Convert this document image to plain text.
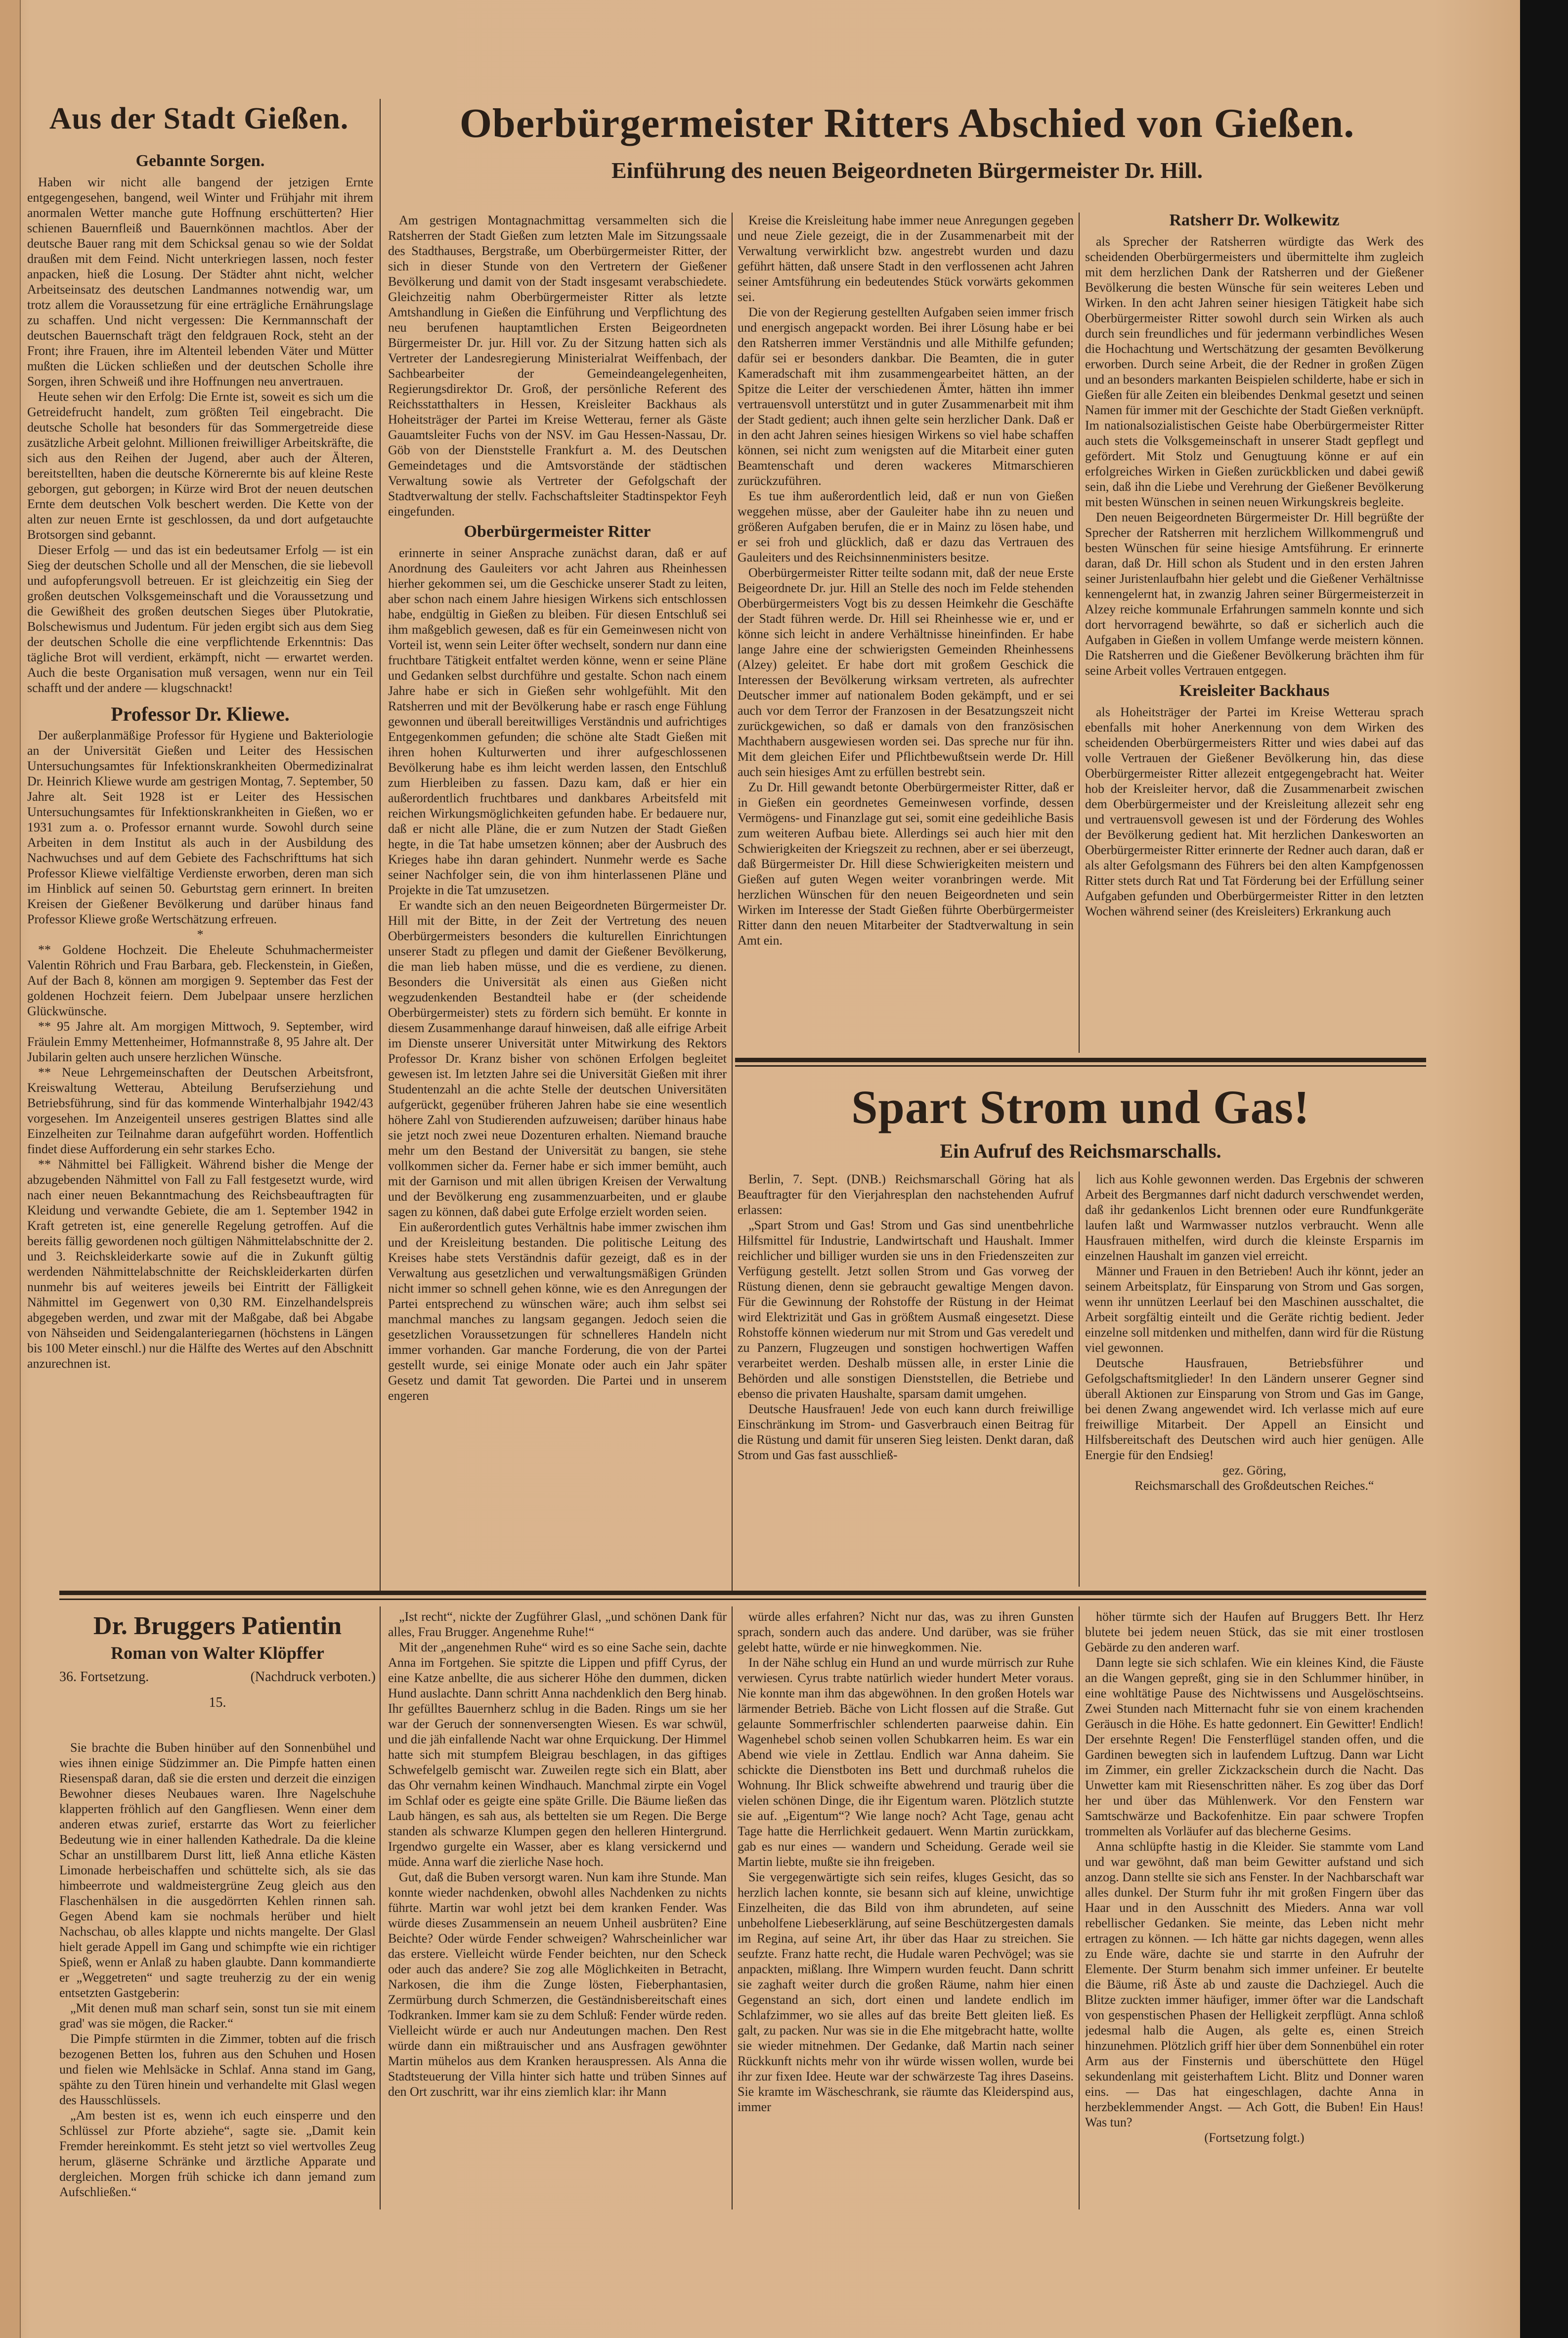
Aus der Stadt Gießen.
Gebannte Sorgen.

Haben wir nicht alle bangend der jetzigen Ernte entgegengesehen, bangend, weil Winter und Frühjahr mit ihrem anormalen Wetter manche gute Hoffnung erschütterten? Hier schienen Bauernfleiß und Bauernkönnen machtlos. Aber der deutsche Bauer rang mit dem Schicksal genau so wie der Soldat draußen mit dem Feind. Nicht unterkriegen lassen, noch fester anpacken, hieß die Losung. Der Städter ahnt nicht, welcher Arbeitseinsatz des deutschen Landmannes notwendig war, um trotz allem die Voraussetzung für eine erträgliche Ernährungslage zu schaffen. Und nicht vergessen: Die Kernmannschaft der deutschen Bauernschaft trägt den feldgrauen Rock, steht an der Front; ihre Frauen, ihre im Altenteil lebenden Väter und Mütter mußten die Lücken schließen und der deutschen Scholle ihre Sorgen, ihren Schweiß und ihre Hoffnungen neu anvertrauen.

Heute sehen wir den Erfolg: Die Ernte ist, soweit es sich um die Getreidefrucht handelt, zum größten Teil eingebracht. Die deutsche Scholle hat besonders für das Sommergetreide diese zusätzliche Arbeit gelohnt. Millionen freiwilliger Arbeitskräfte, die sich aus den Reihen der Jugend, aber auch der Älteren, bereitstellten, haben die deutsche Körnerernte bis auf kleine Reste geborgen, gut geborgen; in Kürze wird Brot der neuen deutschen Ernte dem deutschen Volk beschert werden. Die Kette von der alten zur neuen Ernte ist geschlossen, da und dort aufgetauchte Brotsorgen sind gebannt.

Dieser Erfolg — und das ist ein bedeutsamer Erfolg — ist ein Sieg der deutschen Scholle und all der Menschen, die sie liebevoll und aufopferungsvoll betreuen. Er ist gleichzeitig ein Sieg der großen deutschen Volksgemeinschaft und die Voraussetzung und die Gewißheit des großen deutschen Sieges über Plutokratie, Bolschewismus und Judentum. Für jeden ergibt sich aus dem Sieg der deutschen Scholle die eine verpflichtende Erkenntnis: Das tägliche Brot will verdient, erkämpft, nicht — erwartet werden. Auch die beste Organisation muß versagen, wenn nur ein Teil schafft und der andere — klugschnackt!

Professor Dr. Kliewe.

Der außerplanmäßige Professor für Hygiene und Bakteriologie an der Universität Gießen und Leiter des Hessischen Untersuchungsamtes für Infektionskrankheiten Obermedizinalrat Dr. Heinrich Kliewe wurde am gestrigen Montag, 7. September, 50 Jahre alt. Seit 1928 ist er Leiter des Hessischen Untersuchungsamtes für Infektionskrankheiten in Gießen, wo er 1931 zum a. o. Professor ernannt wurde. Sowohl durch seine Arbeiten in dem Institut als auch in der Ausbildung des Nachwuchses und auf dem Gebiete des Fachschrifttums hat sich Professor Kliewe vielfältige Verdienste erworben, deren man sich im Hinblick auf seinen 50. Geburtstag gern erinnert. In breiten Kreisen der Gießener Bevölkerung und darüber hinaus fand Professor Kliewe große Wertschätzung erfreuen.

*

** Goldene Hochzeit. Die Eheleute Schuhmachermeister Valentin Röhrich und Frau Barbara, geb. Fleckenstein, in Gießen, Auf der Bach 8, können am morgigen 9. September das Fest der goldenen Hochzeit feiern. Dem Jubelpaar unsere herzlichen Glückwünsche.

** 95 Jahre alt. Am morgigen Mittwoch, 9. September, wird Fräulein Emmy Mettenheimer, Hofmannstraße 8, 95 Jahre alt. Der Jubilarin gelten auch unsere herzlichen Wünsche.

** Neue Lehrgemeinschaften der Deutschen Arbeitsfront, Kreiswaltung Wetterau, Abteilung Berufserziehung und Betriebsführung, sind für das kommende Winterhalbjahr 1942/43 vorgesehen. Im Anzeigenteil unseres gestrigen Blattes sind alle Einzelheiten zur Teilnahme daran aufgeführt worden. Hoffentlich findet diese Aufforderung ein sehr starkes Echo.

** Nähmittel bei Fälligkeit. Während bisher die Menge der abzugebenden Nähmittel von Fall zu Fall festgesetzt wurde, wird nach einer neuen Bekanntmachung des Reichsbeauftragten für Kleidung und verwandte Gebiete, die am 1. September 1942 in Kraft getreten ist, eine generelle Regelung getroffen. Auf die bereits fällig gewordenen noch gültigen Nähmittelabschnitte der 2. und 3. Reichskleiderkarte sowie auf die in Zukunft gültig werdenden Nähmittelabschnitte der Reichskleiderkarten dürfen nunmehr bis auf weiteres jeweils bei Eintritt der Fälligkeit Nähmittel im Gegenwert von 0,30 RM. Einzelhandelspreis abgegeben werden, und zwar mit der Maßgabe, daß bei Abgabe von Nähseiden und Seidengalanteriegarnen (höchstens in Längen bis 100 Meter einschl.) nur die Hälfte des Wertes auf den Abschnitt anzurechnen ist.

Oberbürgermeister Ritters Abschied von Gießen.
Einführung des neuen Beigeordneten Bürgermeister Dr. Hill.

Am gestrigen Montagnachmittag versammelten sich die Ratsherren der Stadt Gießen zum letzten Male im Sitzungssaale des Stadthauses, Bergstraße, um Oberbürgermeister Ritter, der sich in dieser Stunde von den Vertretern der Gießener Bevölkerung und damit von der Stadt insgesamt verabschiedete. Gleichzeitig nahm Oberbürgermeister Ritter als letzte Amtshandlung in Gießen die Einführung und Verpflichtung des neu berufenen hauptamtlichen Ersten Beigeordneten Bürgermeister Dr. jur. Hill vor. Zu der Sitzung hatten sich als Vertreter der Landesregierung Ministerialrat Weiffenbach, der Sachbearbeiter der Gemeindeangelegenheiten, Regierungsdirektor Dr. Groß, der persönliche Referent des Reichsstatthalters in Hessen, Kreisleiter Backhaus als Hoheitsträger der Partei im Kreise Wetterau, ferner als Gäste Gauamtsleiter Fuchs von der NSV. im Gau Hessen-Nassau, Dr. Göb von der Dienststelle Frankfurt a. M. des Deutschen Gemeindetages und die Amtsvorstände der städtischen Verwaltung sowie als Vertreter der Gefolgschaft der Stadtverwaltung der stellv. Fachschaftsleiter Stadtinspektor Feyh eingefunden.

Oberbürgermeister Ritter

erinnerte in seiner Ansprache zunächst daran, daß er auf Anordnung des Gauleiters vor acht Jahren aus Rheinhessen hierher gekommen sei, um die Geschicke unserer Stadt zu leiten, aber schon nach einem Jahre hiesigen Wirkens sich entschlossen habe, endgültig in Gießen zu bleiben. Für diesen Entschluß sei ihm maßgeblich gewesen, daß es für ein Gemeinwesen nicht von Vorteil ist, wenn sein Leiter öfter wechselt, sondern nur dann eine fruchtbare Tätigkeit entfaltet werden könne, wenn er seine Pläne und Gedanken selbst durchführe und gestalte. Schon nach einem Jahre habe er sich in Gießen sehr wohlgefühlt. Mit den Ratsherren und mit der Bevölkerung habe er rasch enge Fühlung gewonnen und überall bereitwilliges Verständnis und aufrichtiges Entgegenkommen gefunden; die schöne alte Stadt Gießen mit ihren hohen Kulturwerten und ihrer aufgeschlossenen Bevölkerung habe es ihm leicht werden lassen, den Entschluß zum Hierbleiben zu fassen. Dazu kam, daß er hier ein außerordentlich fruchtbares und dankbares Arbeitsfeld mit reichen Wirkungsmöglichkeiten gefunden habe. Er bedauere nur, daß er nicht alle Pläne, die er zum Nutzen der Stadt Gießen hegte, in die Tat habe umsetzen können; aber der Ausbruch des Krieges habe ihn daran gehindert. Nunmehr werde es Sache seiner Nachfolger sein, die von ihm hinterlassenen Pläne und Projekte in die Tat umzusetzen.

Er wandte sich an den neuen Beigeordneten Bürgermeister Dr. Hill mit der Bitte, in der Zeit der Vertretung des neuen Oberbürgermeisters besonders die kulturellen Einrichtungen unserer Stadt zu pflegen und damit der Gießener Bevölkerung, die man lieb haben müsse, und die es verdiene, zu dienen. Besonders die Universität als einen aus Gießen nicht wegzudenkenden Bestandteil habe er (der scheidende Oberbürgermeister) stets zu fördern sich bemüht. Er konnte in diesem Zusammenhange darauf hinweisen, daß alle eifrige Arbeit im Dienste unserer Universität unter Mitwirkung des Rektors Professor Dr. Kranz bisher von schönen Erfolgen begleitet gewesen ist. Im letzten Jahre sei die Universität Gießen mit ihrer Studentenzahl an die achte Stelle der deutschen Universitäten aufgerückt, gegenüber früheren Jahren habe sie eine wesentlich höhere Zahl von Studierenden aufzuweisen; darüber hinaus habe sie jetzt noch zwei neue Dozenturen erhalten. Niemand brauche mehr um den Bestand der Universität zu bangen, sie stehe vollkommen sicher da. Ferner habe er sich immer bemüht, auch mit der Garnison und mit allen übrigen Kreisen der Verwaltung und der Bevölkerung eng zusammenzuarbeiten, und er glaube sagen zu können, daß dabei gute Erfolge erzielt worden seien.

Ein außerordentlich gutes Verhältnis habe immer zwischen ihm und der Kreisleitung bestanden. Die politische Leitung des Kreises habe stets Verständnis dafür gezeigt, daß es in der Verwaltung aus gesetzlichen und verwaltungsmäßigen Gründen nicht immer so schnell gehen könne, wie es den Anregungen der Partei entsprechend zu wünschen wäre; auch ihm selbst sei manchmal manches zu langsam gegangen. Jedoch seien die gesetzlichen Voraussetzungen für schnelleres Handeln nicht immer vorhanden. Gar manche Forderung, die von der Partei gestellt wurde, sei einige Monate oder auch ein Jahr später Gesetz und damit Tat geworden. Die Partei und in unserem engeren

Kreise die Kreisleitung habe immer neue Anregungen gegeben und neue Ziele gezeigt, die in der Zusammenarbeit mit der Verwaltung verwirklicht bzw. angestrebt wurden und dazu geführt hätten, daß unsere Stadt in den verflossenen acht Jahren seiner Amtsführung ein bedeutendes Stück vorwärts gekommen sei.

Die von der Regierung gestellten Aufgaben seien immer frisch und energisch angepackt worden. Bei ihrer Lösung habe er bei den Ratsherren immer Verständnis und alle Mithilfe gefunden; dafür sei er besonders dankbar. Die Beamten, die in guter Kameradschaft mit ihm zusammengearbeitet hätten, an der Spitze die Leiter der verschiedenen Ämter, hätten ihn immer vertrauensvoll unterstützt und in guter Zusammenarbeit mit ihm der Stadt gedient; auch ihnen gelte sein herzlicher Dank. Daß er in den acht Jahren seines hiesigen Wirkens so viel habe schaffen können, sei nicht zum wenigsten auf die Mitarbeit einer guten Beamtenschaft und deren wackeres Mitmarschieren zurückzuführen.

Es tue ihm außerordentlich leid, daß er nun von Gießen weggehen müsse, aber der Gauleiter habe ihn zu neuen und größeren Aufgaben berufen, die er in Mainz zu lösen habe, und er sei froh und glücklich, daß er dazu das Vertrauen des Gauleiters und des Reichsinnenministers besitze.

Oberbürgermeister Ritter teilte sodann mit, daß der neue Erste Beigeordnete Dr. jur. Hill an Stelle des noch im Felde stehenden Oberbürgermeisters Vogt bis zu dessen Heimkehr die Geschäfte der Stadt führen werde. Dr. Hill sei Rheinhesse wie er, und er könne sich leicht in andere Verhältnisse hineinfinden. Er habe lange Jahre eine der schwierigsten Gemeinden Rheinhessens (Alzey) geleitet. Er habe dort mit großem Geschick die Interessen der Bevölkerung wirksam vertreten, als aufrechter Deutscher immer auf nationalem Boden gekämpft, und er sei auch vor dem Terror der Franzosen in der Besatzungszeit nicht zurückgewichen, so daß er damals von den französischen Machthabern ausgewiesen worden sei. Das spreche nur für ihn. Mit dem gleichen Eifer und Pflichtbewußtsein werde Dr. Hill auch sein hiesiges Amt zu erfüllen bestrebt sein.

Zu Dr. Hill gewandt betonte Oberbürgermeister Ritter, daß er in Gießen ein geordnetes Gemeinwesen vorfinde, dessen Vermögens- und Finanzlage gut sei, somit eine gedeihliche Basis zum weiteren Aufbau biete. Allerdings sei auch hier mit den Schwierigkeiten der Kriegszeit zu rechnen, aber er sei überzeugt, daß Bürgermeister Dr. Hill diese Schwierigkeiten meistern und Gießen auf guten Wegen weiter voranbringen werde. Mit herzlichen Wünschen für den neuen Beigeordneten und sein Wirken im Interesse der Stadt Gießen führte Oberbürgermeister Ritter dann den neuen Mitarbeiter der Stadtverwaltung in sein Amt ein.

Ratsherr Dr. Wolkewitz

als Sprecher der Ratsherren würdigte das Werk des scheidenden Oberbürgermeisters und übermittelte ihm zugleich mit dem herzlichen Dank der Ratsherren und der Gießener Bevölkerung die besten Wünsche für sein weiteres Leben und Wirken. In den acht Jahren seiner hiesigen Tätigkeit habe sich Oberbürgermeister Ritter sowohl durch sein Wirken als auch durch sein freundliches und für jedermann verbindliches Wesen die Hochachtung und Wertschätzung der gesamten Bevölkerung erworben. Durch seine Arbeit, die der Redner in großen Zügen und an besonders markanten Beispielen schilderte, habe er sich in Gießen für alle Zeiten ein bleibendes Denkmal gesetzt und seinen Namen für immer mit der Geschichte der Stadt Gießen verknüpft. Im nationalsozialistischen Geiste habe Oberbürgermeister Ritter auch stets die Volksgemeinschaft in unserer Stadt gepflegt und gefördert. Mit Stolz und Genugtuung könne er auf ein erfolgreiches Wirken in Gießen zurückblicken und dabei gewiß sein, daß ihn die Liebe und Verehrung der Gießener Bevölkerung mit besten Wünschen in seinen neuen Wirkungskreis begleite.

Den neuen Beigeordneten Bürgermeister Dr. Hill begrüßte der Sprecher der Ratsherren mit herzlichem Willkommengruß und besten Wünschen für seine hiesige Amtsführung. Er erinnerte daran, daß Dr. Hill schon als Student und in den ersten Jahren seiner Juristenlaufbahn hier gelebt und die Gießener Verhältnisse kennengelernt hat, in zwanzig Jahren seiner Bürgermeisterzeit in Alzey reiche kommunale Erfahrungen sammeln konnte und sich dort hervorragend bewährte, so daß er sicherlich auch die Aufgaben in Gießen in vollem Umfange werde meistern können. Die Ratsherren und die Gießener Bevölkerung brächten ihm für seine Arbeit volles Vertrauen entgegen.

Kreisleiter Backhaus

als Hoheitsträger der Partei im Kreise Wetterau sprach ebenfalls mit hoher Anerkennung von dem Wirken des scheidenden Oberbürgermeisters Ritter und wies dabei auf das volle Vertrauen der Gießener Bevölkerung hin, das diese Oberbürgermeister Ritter allezeit entgegengebracht hat. Weiter hob der Kreisleiter hervor, daß die Zusammenarbeit zwischen dem Oberbürgermeister und der Kreisleitung allezeit sehr eng und vertrauensvoll gewesen ist und der Förderung des Wohles der Bevölkerung gedient hat. Mit herzlichen Dankesworten an Oberbürgermeister Ritter erinnerte der Redner auch daran, daß er als alter Gefolgsmann des Führers bei den alten Kampfgenossen Ritter stets durch Rat und Tat Förderung bei der Erfüllung seiner Aufgaben gefunden und Oberbürgermeister Ritter in den letzten Wochen während seiner (des Kreisleiters) Erkrankung auch

Spart Strom und Gas!
Ein Aufruf des Reichsmarschalls.

Berlin, 7. Sept. (DNB.) Reichsmarschall Göring hat als Beauftragter für den Vierjahresplan den nachstehenden Aufruf erlassen:

„Spart Strom und Gas! Strom und Gas sind unentbehrliche Hilfsmittel für Industrie, Landwirtschaft und Haushalt. Immer reichlicher und billiger wurden sie uns in den Friedenszeiten zur Verfügung gestellt. Jetzt sollen Strom und Gas vorweg der Rüstung dienen, denn sie gebraucht gewaltige Mengen davon. Für die Gewinnung der Rohstoffe der Rüstung in der Heimat wird Elektrizität und Gas in größtem Ausmaß eingesetzt. Diese Rohstoffe können wiederum nur mit Strom und Gas veredelt und zu Panzern, Flugzeugen und sonstigen hochwertigen Waffen verarbeitet werden. Deshalb müssen alle, in erster Linie die Behörden und alle sonstigen Dienststellen, die Betriebe und ebenso die privaten Haushalte, sparsam damit umgehen.

Deutsche Hausfrauen! Jede von euch kann durch freiwillige Einschränkung im Strom- und Gasverbrauch einen Beitrag für die Rüstung und damit für unseren Sieg leisten. Denkt daran, daß Strom und Gas fast ausschließ-

lich aus Kohle gewonnen werden. Das Ergebnis der schweren Arbeit des Bergmannes darf nicht dadurch verschwendet werden, daß ihr gedankenlos Licht brennen oder eure Rundfunkgeräte laufen laßt und Warmwasser nutzlos verbraucht. Wenn alle Hausfrauen mithelfen, wird durch die kleinste Ersparnis im einzelnen Haushalt im ganzen viel erreicht.

Männer und Frauen in den Betrieben! Auch ihr könnt, jeder an seinem Arbeitsplatz, für Einsparung von Strom und Gas sorgen, wenn ihr unnützen Leerlauf bei den Maschinen ausschaltet, die Arbeit sorgfältig einteilt und die Geräte richtig bedient. Jeder einzelne soll mitdenken und mithelfen, dann wird für die Rüstung viel gewonnen.

Deutsche Hausfrauen, Betriebsführer und Gefolgschaftsmitglieder! In den Ländern unserer Gegner sind überall Aktionen zur Einsparung von Strom und Gas im Gange, bei denen Zwang angewendet wird. Ich verlasse mich auf eure freiwillige Mitarbeit. Der Appell an Einsicht und Hilfsbereitschaft des Deutschen wird auch hier genügen. Alle Energie für den Endsieg!

gez. Göring,

Reichsmarschall des Großdeutschen Reiches.“

Dr. Bruggers Patientin
Roman von Walter Klöpffer
36. Fortsetzung.	(Nachdruck verboten.)
15.

Sie brachte die Buben hinüber auf den Sonnenbühel und wies ihnen einige Südzimmer an. Die Pimpfe hatten einen Riesenspaß daran, daß sie die ersten und derzeit die einzigen Bewohner dieses Neubaues waren. Ihre Nagelschuhe klapperten fröhlich auf den Gangfliesen. Wenn einer dem anderen etwas zurief, erstarrte das Wort zu feierlicher Bedeutung wie in einer hallenden Kathedrale. Da die kleine Schar an unstillbarem Durst litt, ließ Anna etliche Kästen Limonade herbeischaffen und schüttelte sich, als sie das himbeerrote und waldmeistergrüne Zeug gleich aus den Flaschenhälsen in die ausgedörrten Kehlen rinnen sah. Gegen Abend kam sie nochmals herüber und hielt Nachschau, ob alles klappte und nichts mangelte. Der Glasl hielt gerade Appell im Gang und schimpfte wie ein richtiger Spieß, wenn er Anlaß zu haben glaubte. Dann kommandierte er „Weggetreten“ und sagte treuherzig zu der ein wenig entsetzten Gastgeberin:

„Mit denen muß man scharf sein, sonst tun sie mit einem grad' was sie mögen, die Racker.“

Die Pimpfe stürmten in die Zimmer, tobten auf die frisch bezogenen Betten los, fuhren aus den Schuhen und Hosen und fielen wie Mehlsäcke in Schlaf. Anna stand im Gang, spähte zu den Türen hinein und verhandelte mit Glasl wegen des Hausschlüssels.

„Am besten ist es, wenn ich euch einsperre und den Schlüssel zur Pforte abziehe“, sagte sie. „Damit kein Fremder hereinkommt. Es steht jetzt so viel wertvolles Zeug herum, gläserne Schränke und ärztliche Apparate und dergleichen. Morgen früh schicke ich dann jemand zum Aufschließen.“

„Ist recht“, nickte der Zugführer Glasl, „und schönen Dank für alles, Frau Brugger. Angenehme Ruhe!“

Mit der „angenehmen Ruhe“ wird es so eine Sache sein, dachte Anna im Fortgehen. Sie spitzte die Lippen und pfiff Cyrus, der eine Katze anbellte, die aus sicherer Höhe den dummen, dicken Hund auslachte. Dann schritt Anna nachdenklich den Berg hinab. Ihr gefülltes Bauernherz schlug in die Baden. Rings um sie her war der Geruch der sonnenversengten Wiesen. Es war schwül, und die jäh einfallende Nacht war ohne Erquickung. Der Himmel hatte sich mit stumpfem Bleigrau beschlagen, in das giftiges Schwefelgelb gemischt war. Zuweilen regte sich ein Blatt, aber das Ohr vernahm keinen Windhauch. Manchmal zirpte ein Vogel im Schlaf oder es geigte eine späte Grille. Die Bäume ließen das Laub hängen, es sah aus, als bettelten sie um Regen. Die Berge standen als schwarze Klumpen gegen den helleren Hintergrund. Irgendwo gurgelte ein Wasser, aber es klang versickernd und müde. Anna warf die zierliche Nase hoch.

Gut, daß die Buben versorgt waren. Nun kam ihre Stunde. Man konnte wieder nachdenken, obwohl alles Nachdenken zu nichts führte. Martin war wohl jetzt bei dem kranken Fender. Was würde dieses Zusammensein an neuem Unheil ausbrüten? Eine Beichte? Oder würde Fender schweigen? Wahrscheinlicher war das erstere. Vielleicht würde Fender beichten, nur den Scheck oder auch das andere? Sie zog alle Möglichkeiten in Betracht, Narkosen, die ihm die Zunge lösten, Fieberphantasien, Zermürbung durch Schmerzen, die Geständnisbereitschaft eines Todkranken. Immer kam sie zu dem Schluß: Fender würde reden. Vielleicht würde er auch nur Andeutungen machen. Den Rest würde dann ein mißtrauischer und ans Ausfragen gewöhnter Martin mühelos aus dem Kranken herauspressen. Als Anna die Stadtsteuerung der Villa hinter sich hatte und trüben Sinnes auf den Ort zuschritt, war ihr eins ziemlich klar: ihr Mann

würde alles erfahren? Nicht nur das, was zu ihren Gunsten sprach, sondern auch das andere. Und darüber, was sie früher gelebt hatte, würde er nie hinwegkommen. Nie.

In der Nähe schlug ein Hund an und wurde mürrisch zur Ruhe verwiesen. Cyrus trabte natürlich wieder hundert Meter voraus. Nie konnte man ihm das abgewöhnen. In den großen Hotels war lärmender Betrieb. Bäche von Licht flossen auf die Straße. Gut gelaunte Sommerfrischler schlenderten paarweise dahin. Ein Wagenhebel schob seinen vollen Schubkarren heim. Es war ein Abend wie viele in Zettlau. Endlich war Anna daheim. Sie schickte die Dienstboten ins Bett und durchmaß ruhelos die Wohnung. Ihr Blick schweifte abwehrend und traurig über die vielen schönen Dinge, die ihr Eigentum waren. Plötzlich stutzte sie auf. „Eigentum“? Wie lange noch? Acht Tage, genau acht Tage hatte die Herrlichkeit gedauert. Wenn Martin zurückkam, gab es nur eines — wandern und Scheidung. Gerade weil sie Martin liebte, mußte sie ihn freigeben.

Sie vergegenwärtigte sich sein reifes, kluges Gesicht, das so herzlich lachen konnte, sie besann sich auf kleine, unwichtige Einzelheiten, die das Bild von ihm abrundeten, auf seine unbeholfene Liebeserklärung, auf seine Beschützergesten damals im Regina, auf seine Art, ihr über das Haar zu streichen. Sie seufzte. Franz hatte recht, die Hudale waren Pechvögel; was sie anpackten, mißlang. Ihre Wimpern wurden feucht. Dann schritt sie zaghaft weiter durch die großen Räume, nahm hier einen Gegenstand an sich, dort einen und landete endlich im Schlafzimmer, wo sie alles auf das breite Bett gleiten ließ. Es galt, zu packen. Nur was sie in die Ehe mitgebracht hatte, wollte sie wieder mitnehmen. Der Gedanke, daß Martin nach seiner Rückkunft nichts mehr von ihr würde wissen wollen, wurde bei ihr zur fixen Idee. Heute war der schwärzeste Tag ihres Daseins. Sie kramte im Wäscheschrank, sie räumte das Kleiderspind aus, immer

höher türmte sich der Haufen auf Bruggers Bett. Ihr Herz blutete bei jedem neuen Stück, das sie mit einer trostlosen Gebärde zu den anderen warf.

Dann legte sie sich schlafen. Wie ein kleines Kind, die Fäuste an die Wangen gepreßt, ging sie in den Schlummer hinüber, in eine wohltätige Pause des Nichtwissens und Ausgelöschtseins. Zwei Stunden nach Mitternacht fuhr sie von einem krachenden Geräusch in die Höhe. Es hatte gedonnert. Ein Gewitter! Endlich! Der ersehnte Regen! Die Fensterflügel standen offen, und die Gardinen bewegten sich in laufendem Luftzug. Dann war Licht im Zimmer, ein greller Zickzackschein durch die Nacht. Das Unwetter kam mit Riesenschritten näher. Es zog über das Dorf her und über das Mühlenwerk. Vor den Fenstern war Samtschwärze und Backofenhitze. Ein paar schwere Tropfen trommelten als Vorläufer auf das blecherne Gesims.

Anna schlüpfte hastig in die Kleider. Sie stammte vom Land und war gewöhnt, daß man beim Gewitter aufstand und sich anzog. Dann stellte sie sich ans Fenster. In der Nachbarschaft war alles dunkel. Der Sturm fuhr ihr mit großen Fingern über das Haar und in den Ausschnitt des Mieders. Anna war voll rebellischer Gedanken. Sie meinte, das Leben nicht mehr ertragen zu können. — Ich hätte gar nichts dagegen, wenn alles zu Ende wäre, dachte sie und starrte in den Aufruhr der Elemente. Der Sturm benahm sich immer unfeiner. Er beutelte die Bäume, riß Äste ab und zauste die Dachziegel. Auch die Blitze zuckten immer häufiger, immer öfter war die Landschaft von gespenstischen Phasen der Helligkeit zerpflügt. Anna schloß jedesmal halb die Augen, als gelte es, einen Streich hinzunehmen. Plötzlich griff hier über dem Sonnenbühel ein roter Arm aus der Finsternis und überschüttete den Hügel sekundenlang mit geisterhaftem Licht. Blitz und Donner waren eins. — Das hat eingeschlagen, dachte Anna in herzbeklemmender Angst. — Ach Gott, die Buben! Ein Haus! Was tun?

(Fortsetzung folgt.)
